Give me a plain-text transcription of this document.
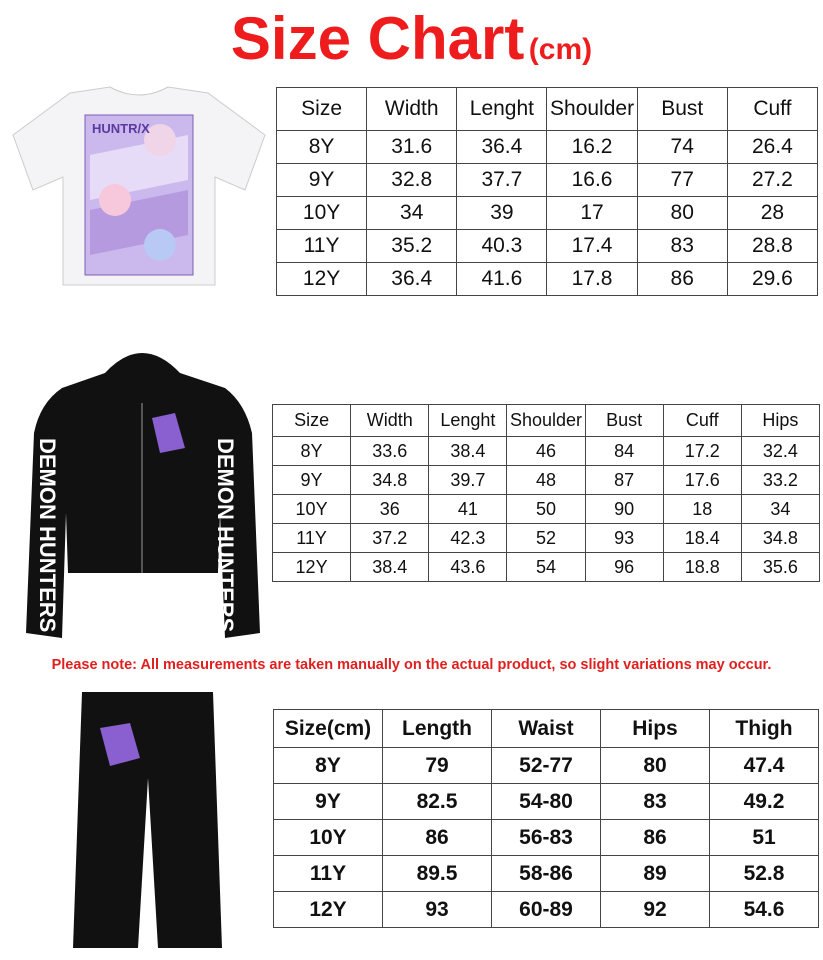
Size Chart (cm)
HUNTR/X
Size	Width	Lenght	Shoulder	Bust	Cuff
8Y	31.6	36.4	16.2	74	26.4
9Y	32.8	37.7	16.6	77	27.2
10Y	34	39	17	80	28
11Y	35.2	40.3	17.4	83	28.8
12Y	36.4	41.6	17.8	86	29.6
DEMON HUNTERS	DEMON HUNTERS
Size	Width	Lenght	Shoulder	Bust	Cuff	Hips
8Y	33.6	38.4	46	84	17.2	32.4
9Y	34.8	39.7	48	87	17.6	33.2
10Y	36	41	50	90	18	34
11Y	37.2	42.3	52	93	18.4	34.8
12Y	38.4	43.6	54	96	18.8	35.6
Please note: All measurements are taken manually on the actual product, so slight variations may occur.
Size(cm)	Length	Waist	Hips	Thigh
8Y	79	52-77	80	47.4
9Y	82.5	54-80	83	49.2
10Y	86	56-83	86	51
11Y	89.5	58-86	89	52.8
12Y	93	60-89	92	54.6
